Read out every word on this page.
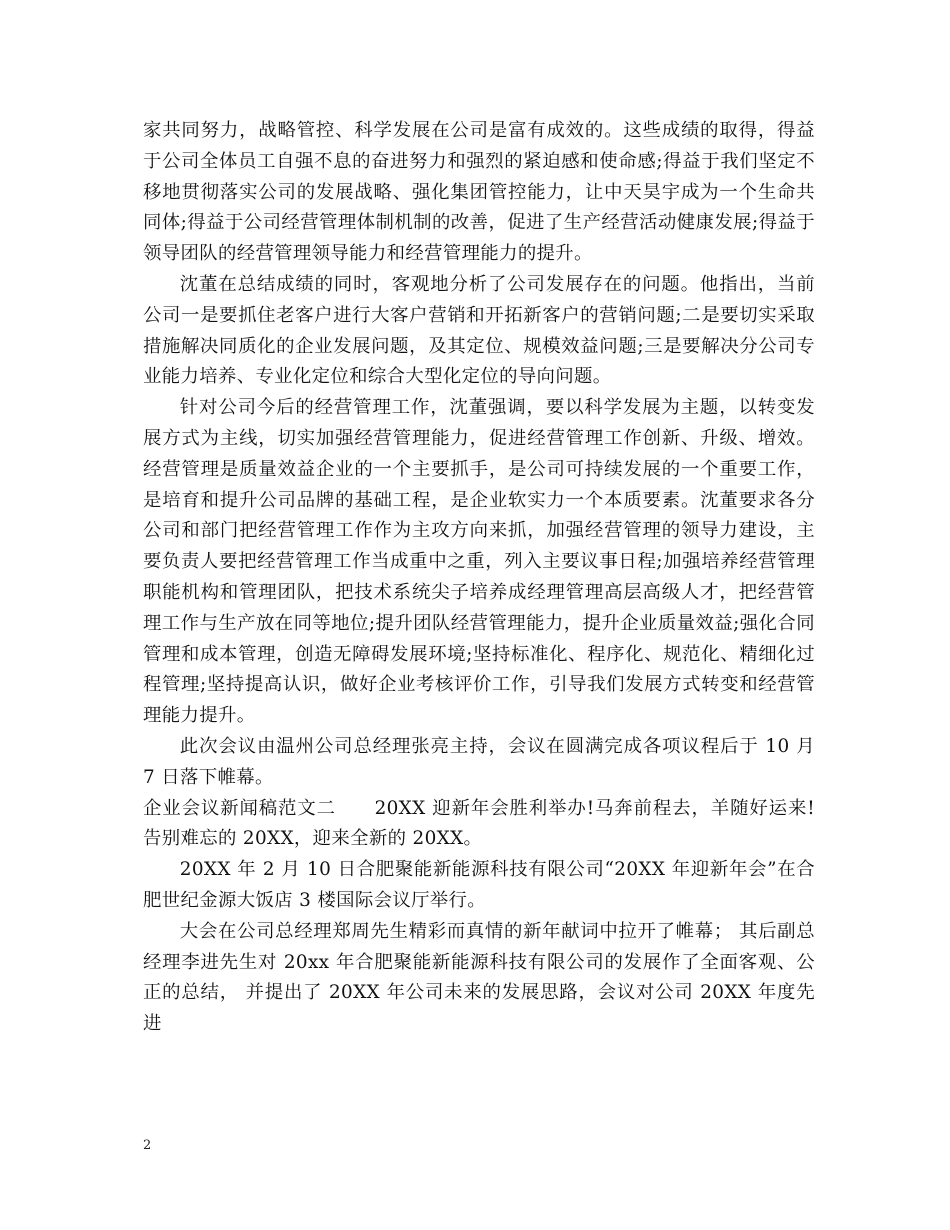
家共同努力，战略管控、科学发展在公司是富有成效的。这些成绩的取得，得益于公司全体员工自强不息的奋进努力和强烈的紧迫感和使命感;得益于我们坚定不移地贯彻落实公司的发展战略、强化集团管控能力，让中天昊宇成为一个生命共同体;得益于公司经营管理体制机制的改善，促进了生产经营活动健康发展;得益于领导团队的经营管理领导能力和经营管理能力的提升。

沈董在总结成绩的同时，客观地分析了公司发展存在的问题。他指出，当前公司一是要抓住老客户进行大客户营销和开拓新客户的营销问题;二是要切实采取措施解决同质化的企业发展问题，及其定位、规模效益问题;三是要解决分公司专业能力培养、专业化定位和综合大型化定位的导向问题。

针对公司今后的经营管理工作，沈董强调，要以科学发展为主题，以转变发展方式为主线，切实加强经营管理能力，促进经营管理工作创新、升级、增效。经营管理是质量效益企业的一个主要抓手，是公司可持续发展的一个重要工作，是培育和提升公司品牌的基础工程，是企业软实力一个本质要素。沈董要求各分公司和部门把经营管理工作作为主攻方向来抓，加强经营管理的领导力建设，主要负责人要把经营管理工作当成重中之重，列入主要议事日程;加强培养经营管理职能机构和管理团队，把技术系统尖子培养成经理管理高层高级人才，把经营管理工作与生产放在同等地位;提升团队经营管理能力，提升企业质量效益;强化合同管理和成本管理，创造无障碍发展环境;坚持标准化、程序化、规范化、精细化过程管理;坚持提高认识，做好企业考核评价工作，引导我们发展方式转变和经营管理能力提升。

此次会议由温州公司总经理张亮主持，会议在圆满完成各项议程后于 10 月 7 日落下帷幕。

企业会议新闻稿范文二　　20XX 迎新年会胜利举办!马奔前程去，羊随好运来!告别难忘的 20XX，迎来全新的 20XX。

20XX 年 2 月 10 日合肥聚能新能源科技有限公司“20XX 年迎新年会”在合肥世纪金源大饭店 3 楼国际会议厅举行。

大会在公司总经理郑周先生精彩而真情的新年献词中拉开了帷幕； 其后副总经理李进先生对 20xx 年合肥聚能新能源科技有限公司的发展作了全面客观、公正的总结， 并提出了 20XX 年公司未来的发展思路，会议对公司 20XX 年度先进

2
